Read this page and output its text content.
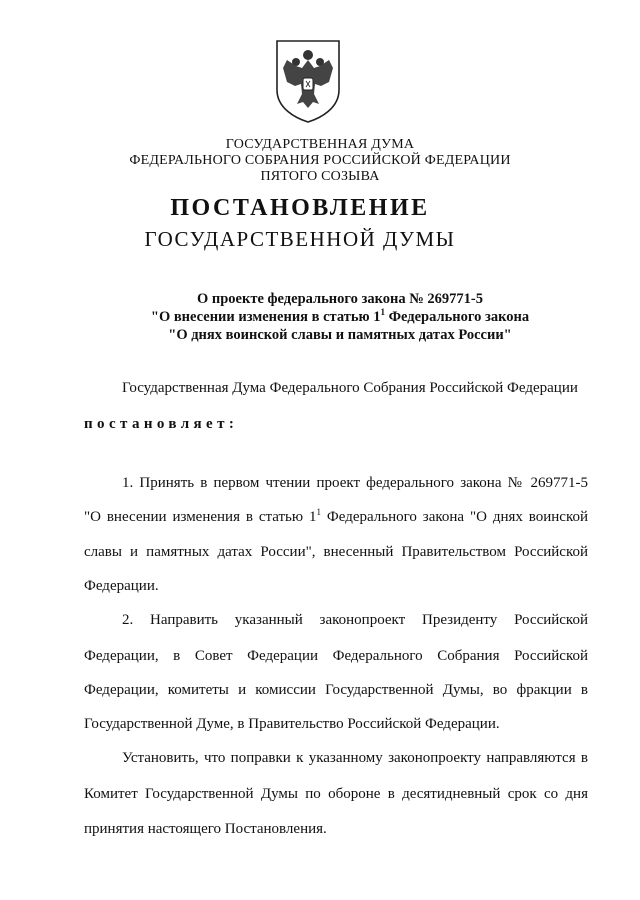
ГОСУДАРСТВЕННАЯ ДУМА
ФЕДЕРАЛЬНОГО СОБРАНИЯ РОССИЙСКОЙ ФЕДЕРАЦИИ
ПЯТОГО СОЗЫВА
ПОСТАНОВЛЕНИЕ
ГОСУДАРСТВЕННОЙ ДУМЫ
О проекте федерального закона № 269771-5
"О внесении изменения в статью $1^1$ Федерального закона
"О днях воинской славы и памятных датах России"
Государственная Дума Федерального Собрания Российской Федерации
постановляет:
1. Принять в первом чтении проект федерального закона № 269771-5
"О внесении изменения в статью $1^1$ Федерального закона "О днях воинской
славы и памятных датах России", внесенный Правительством Российской
Федерации.
2. Направить указанный законопроект Президенту Российской
Федерации, в Совет Федерации Федерального Собрания Российской
Федерации, комитеты и комиссии Государственной Думы, во фракции в
Государственной Думе, в Правительство Российской Федерации.
Установить, что поправки к указанному законопроекту направляются в
Комитет Государственной Думы по обороне в десятидневный срок со дня
принятия настоящего Постановления.
